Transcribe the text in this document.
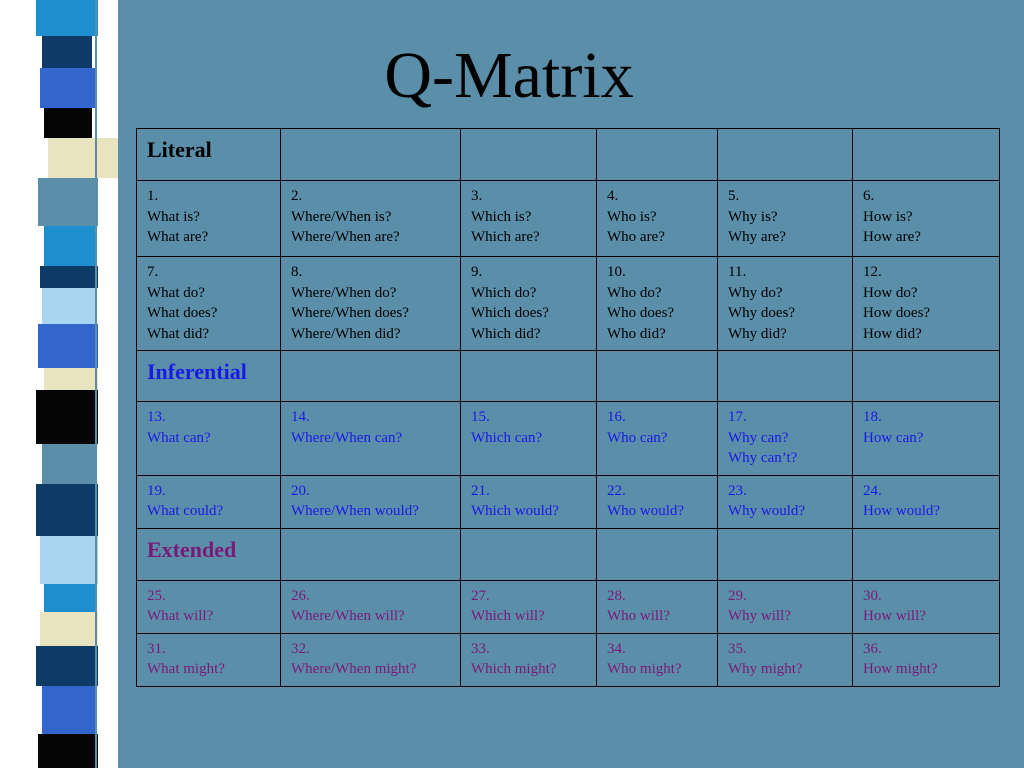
Q-Matrix
Literal					

1.
What is?
What are?	2.
Where/When is?
Where/When are?	3.
Which is?
Which are?	4.
Who is?
Who are?	5.
Why is?
Why are?	6.
How is?
How are?

7.
What do?
What does?
What did?	8.
Where/When do?
Where/When does?
Where/When did?	9.
Which do?
Which does?
Which did?	10.
Who do?
Who does?
Who did?	11.
Why do?
Why does?
Why did?	12.
How do?
How does?
How did?

Inferential					

13.
What can?	14.
Where/When can?	15.
Which can?	16.
Who can?	17.
Why can?
Why can’t?	18.
How can?

19.
What could?	20.
Where/When would?	21.
Which would?	22.
Who would?	23.
Why would?	24.
How would?

Extended					

25.
What will?	26.
Where/When will?	27.
Which will?	28.
Who will?	29.
Why will?	30.
How will?

31.
What might?	32.
Where/When might?	33.
Which might?	34.
Who might?	35.
Why might?	36.
How might?
